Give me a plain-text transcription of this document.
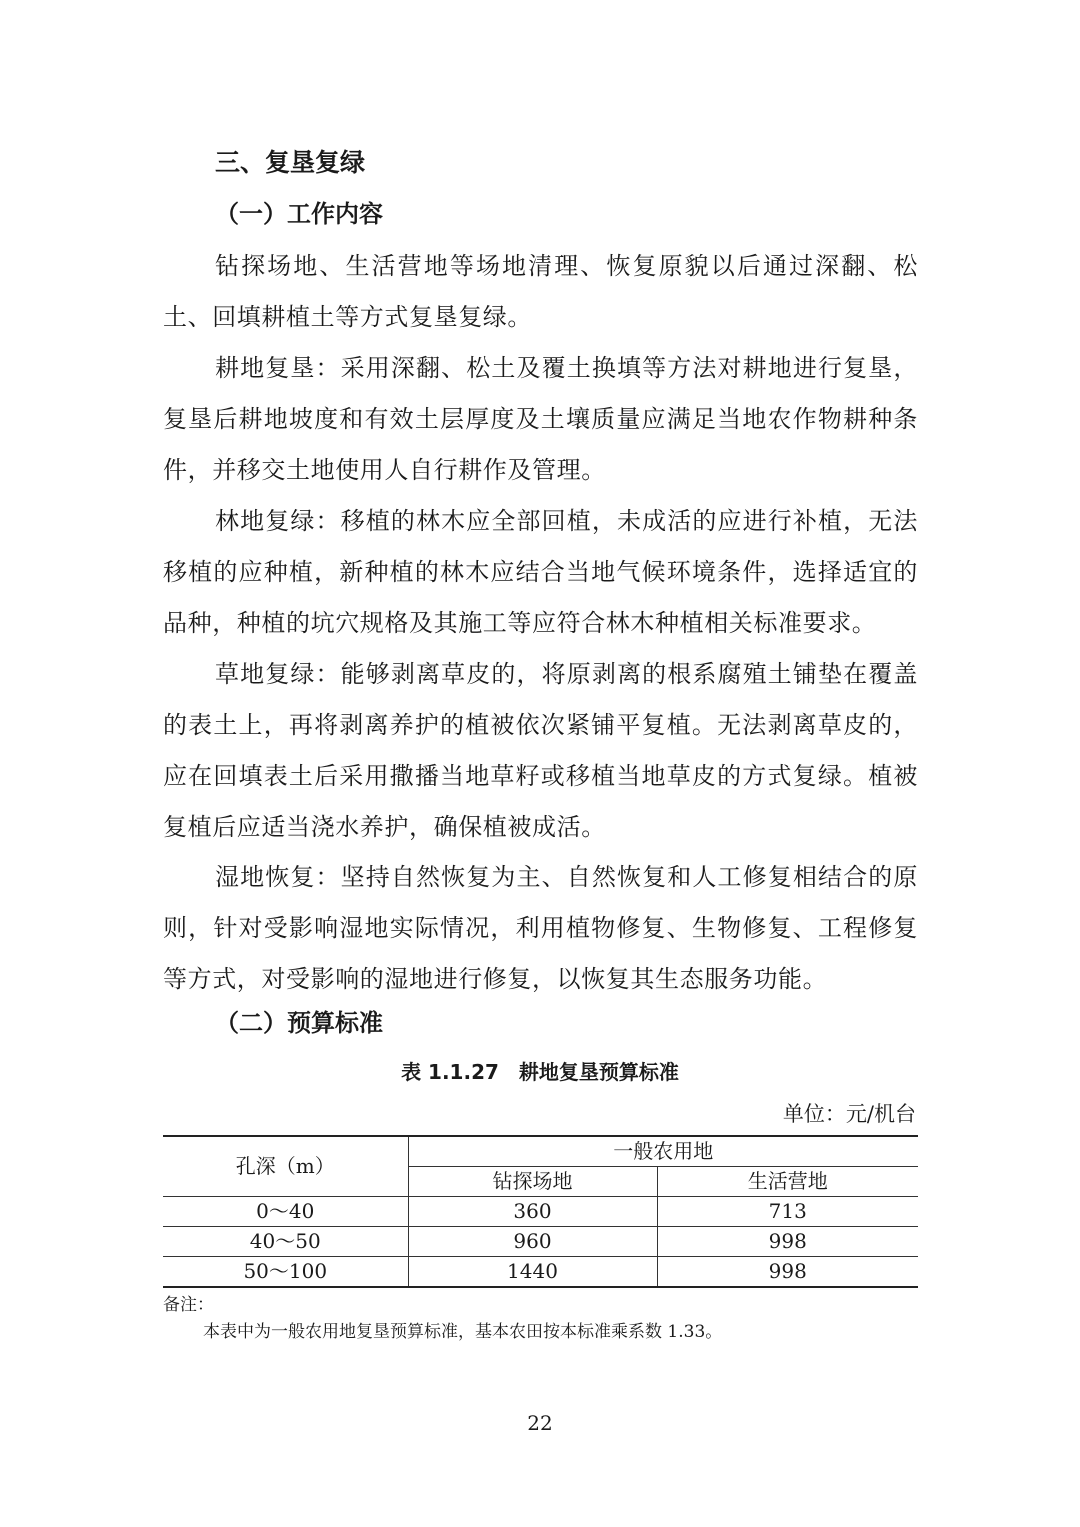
三、复垦复绿
（一）工作内容

钻探场地、生活营地等场地清理、恢复原貌以后通过深翻、松土、回填耕植土等方式复垦复绿。

耕地复垦：采用深翻、松土及覆土换填等方法对耕地进行复垦，复垦后耕地坡度和有效土层厚度及土壤质量应满足当地农作物耕种条件，并移交土地使用人自行耕作及管理。

林地复绿：移植的林木应全部回植，未成活的应进行补植，无法移植的应种植，新种植的林木应结合当地气候环境条件，选择适宜的品种，种植的坑穴规格及其施工等应符合林木种植相关标准要求。

草地复绿：能够剥离草皮的，将原剥离的根系腐殖土铺垫在覆盖的表土上，再将剥离养护的植被依次紧铺平复植。无法剥离草皮的，应在回填表土后采用撒播当地草籽或移植当地草皮的方式复绿。植被复植后应适当浇水养护，确保植被成活。

湿地恢复：坚持自然恢复为主、自然恢复和人工修复相结合的原则，针对受影响湿地实际情况，利用植物修复、生物修复、工程修复等方式，对受影响的湿地进行修复，以恢复其生态服务功能。

（二）预算标准
表 1.1.27　耕地复垦预算标准
单位：元/机台
孔深（m）	一般农用地	
	钻探场地	生活营地
0～40	360	713
40～50	960	998
50～100	1440	998
备注：
本表中为一般农用地复垦预算标准，基本农田按本标准乘系数 1.33。
22
